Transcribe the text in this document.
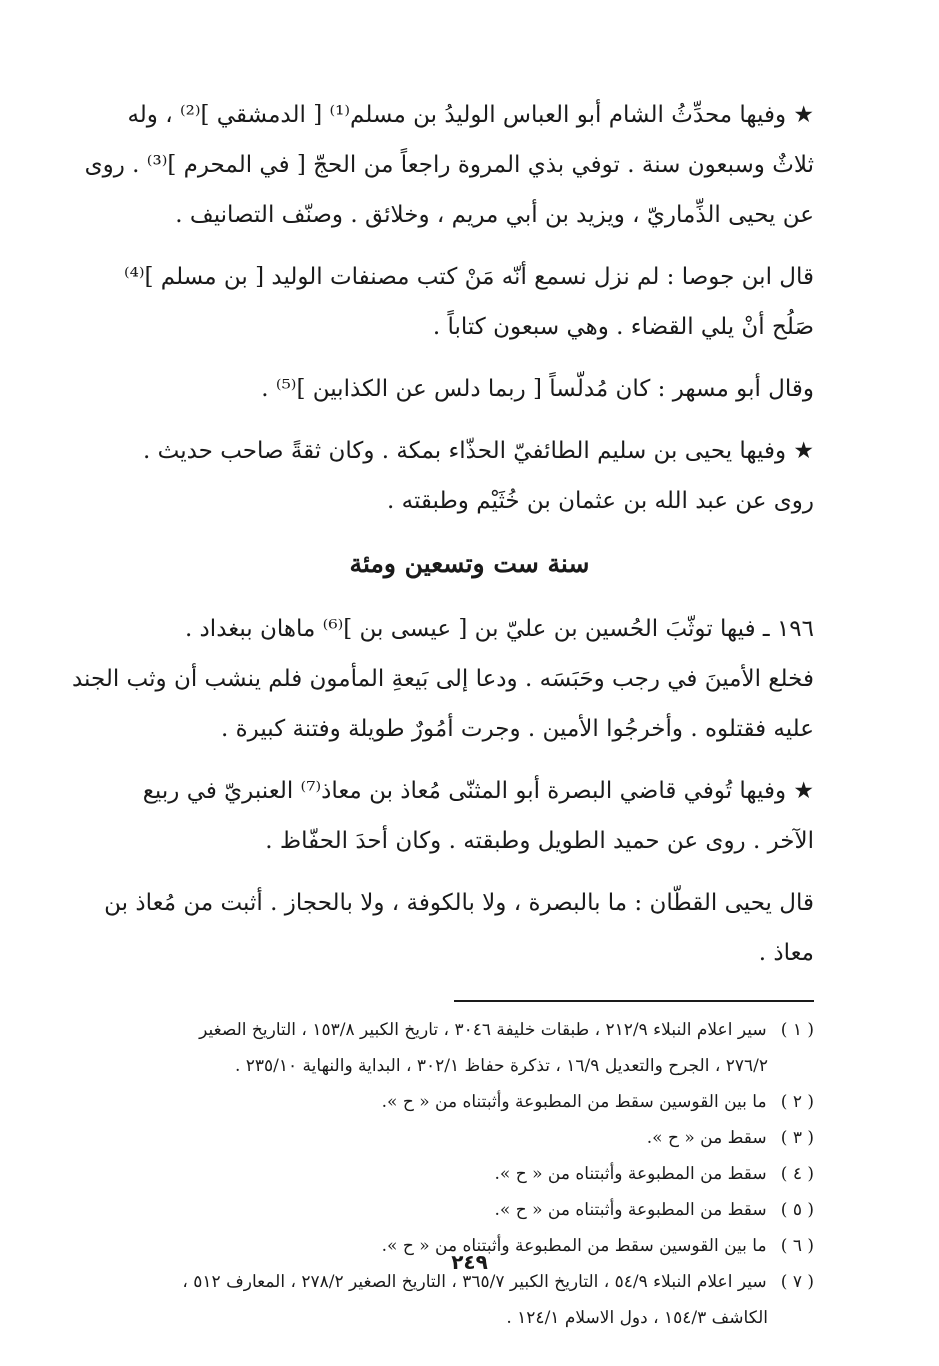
★ وفيها محدِّثُ الشام أبو العباس الوليدُ بن مسلم⁽¹⁾ [ الدمشقي ]⁽²⁾ ، وله
ثلاثٌ وسبعون سنة . توفي بذي المروة راجعاً من الحجّ [ في المحرم ]⁽³⁾ . روى
عن يحيى الذِّماريّ ، ويزيد بن أبي مريم ، وخلائق . وصنّف التصانيف .
قال ابن جوصا : لم نزل نسمع أنّه مَنْ كتب مصنفات الوليد [ بن مسلم ]⁽⁴⁾
صَلُح أنْ يلي القضاء . وهي سبعون كتاباً .
وقال أبو مسهر : كان مُدلّساً [ ربما دلس عن الكذابين ]⁽⁵⁾ .
★ وفيها يحيى بن سليم الطائفيّ الحذّاء بمكة . وكان ثقةً صاحب حديث .
روى عن عبد الله بن عثمان بن خُثَيْم وطبقته .
سنة ست وتسعين ومئة
١٩٦ ـ فيها توثّبَ الحُسين بن عليّ بن [ عيسى بن ]⁽⁶⁾ ماهان ببغداد .
فخلع الأمينَ في رجب وحَبَسَه . ودعا إلى بَيعةِ المأمون فلم ينشب أن وثب الجند
عليه فقتلوه . وأخرجُوا الأمين . وجرت أمُورٌ طويلة وفتنة كبيرة .
★ وفيها تُوفي قاضي البصرة أبو المثنّى مُعاذ بن معاذ⁽⁷⁾ العنبريّ في ربيع
الآخر . روى عن حميد الطويل وطبقته . وكان أحدَ الحفّاظ .
قال يحيى القطّان : ما بالبصرة ، ولا بالكوفة ، ولا بالحجاز . أثبت من مُعاذ بن
معاذ .
( ١ ) سير اعلام النبلاء ٢١٢/٩ ، طبقات خليفة ٣٠٤٦ ، تاريخ الكبير ١٥٣/٨ ، التاريخ الصغير
٢٧٦/٢ ، الجرح والتعديل ١٦/٩ ، تذكرة حفاظ ٣٠٢/١ ، البداية والنهاية ٢٣٥/١٠ .
( ٢ ) ما بين القوسين سقط من المطبوعة وأثبتناه من « ح ».
( ٣ ) سقط من « ح ».
( ٤ ) سقط من المطبوعة وأثبتناه من « ح ».
( ٥ ) سقط من المطبوعة وأثبتناه من « ح ».
( ٦ ) ما بين القوسين سقط من المطبوعة وأثبتناه من « ح ».
( ٧ ) سير اعلام النبلاء ٥٤/٩ ، التاريخ الكبير ٣٦٥/٧ ، التاريخ الصغير ٢٧٨/٢ ، المعارف ٥١٢ ،
الكاشف ١٥٤/٣ ، دول الاسلام ١٢٤/١ .
٢٤٩
